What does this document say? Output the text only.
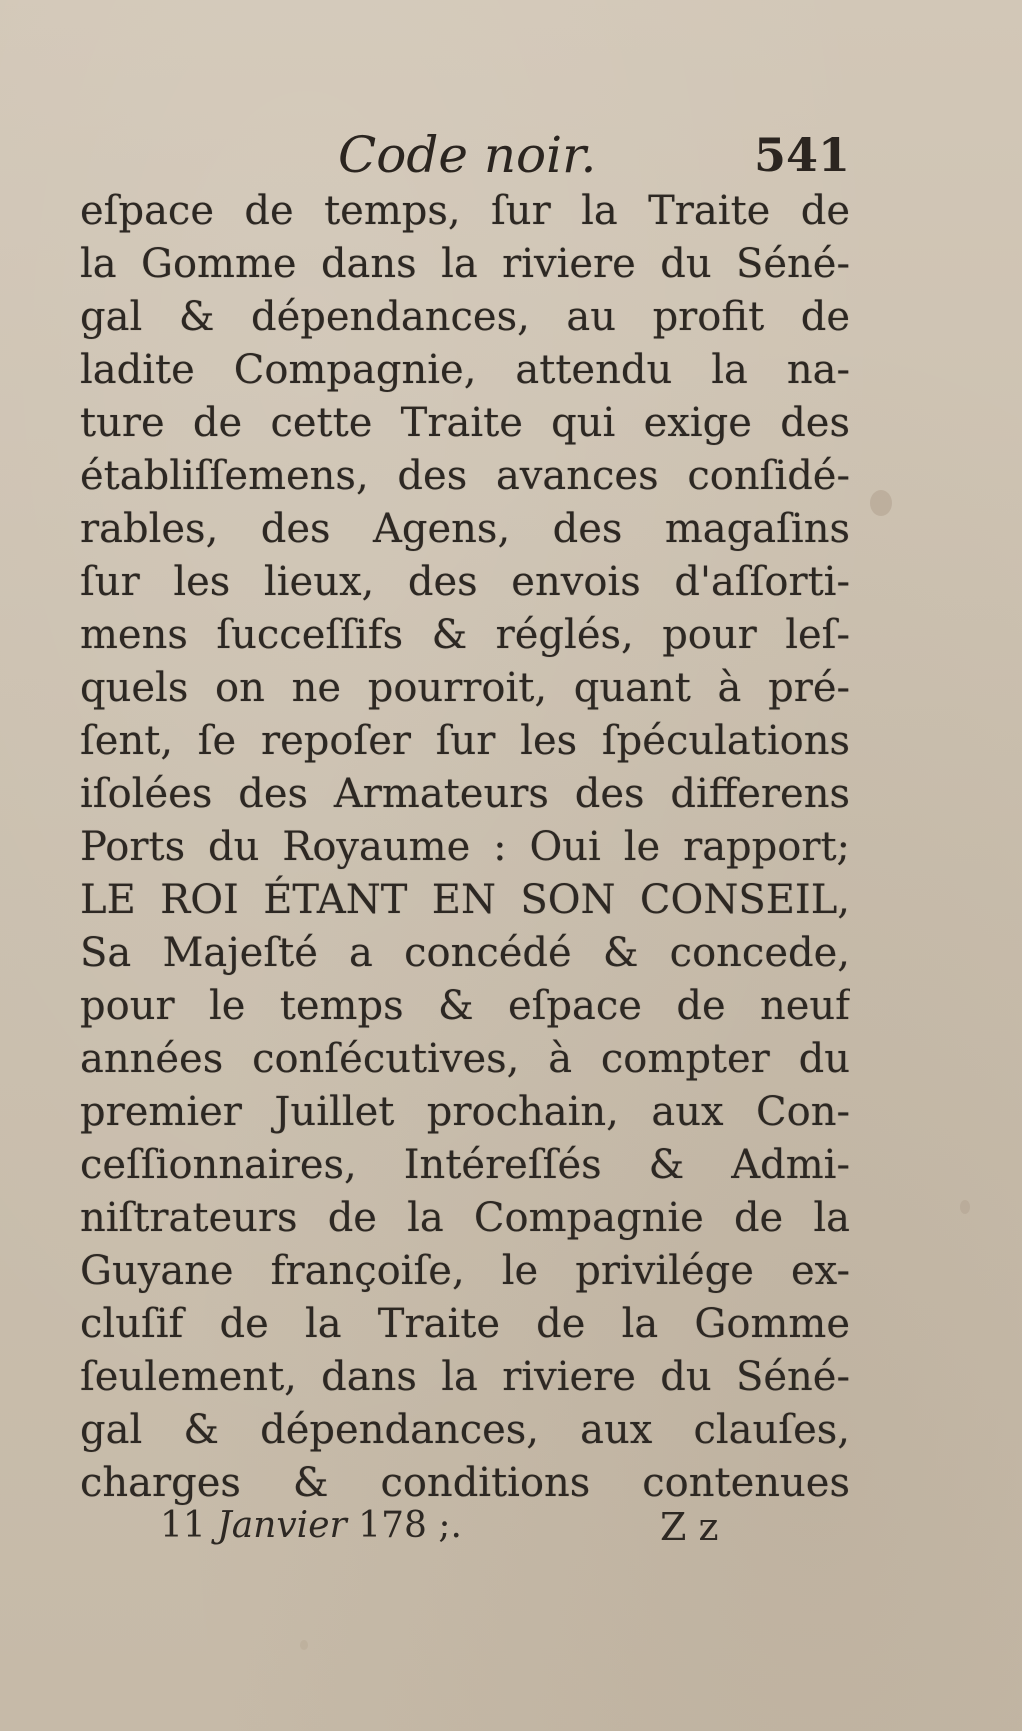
Code noir.	541
eſpace de temps, ſur la Traite de
la Gomme dans la riviere du Séné-
gal & dépendances, au profit de
ladite Compagnie, attendu la na-
ture de cette Traite qui exige des
établiſſemens, des avances conſidé-
rables, des Agens, des magaſins
ſur les lieux, des envois d'aſſorti-
mens ſucceſſifs & réglés, pour leſ-
quels on ne pourroit, quant à pré-
ſent, ſe repoſer ſur les ſpéculations
iſolées des Armateurs des differens
Ports du Royaume : Oui le rapport;
LE ROI ÉTANT EN SON CONSEIL,
Sa Majeſté a concédé & concede,
pour le temps & eſpace de neuf
années conſécutives, à compter du
premier Juillet prochain, aux Con-
ceſſionnaires, Intéreſſés & Admi-
niſtrateurs de la Compagnie de la
Guyane françoiſe, le privilége ex-
cluſif de la Traite de la Gomme
ſeulement, dans la riviere du Séné-
gal & dépendances, aux clauſes,
charges & conditions contenues
11 Janvier 178 ;.	Z z
